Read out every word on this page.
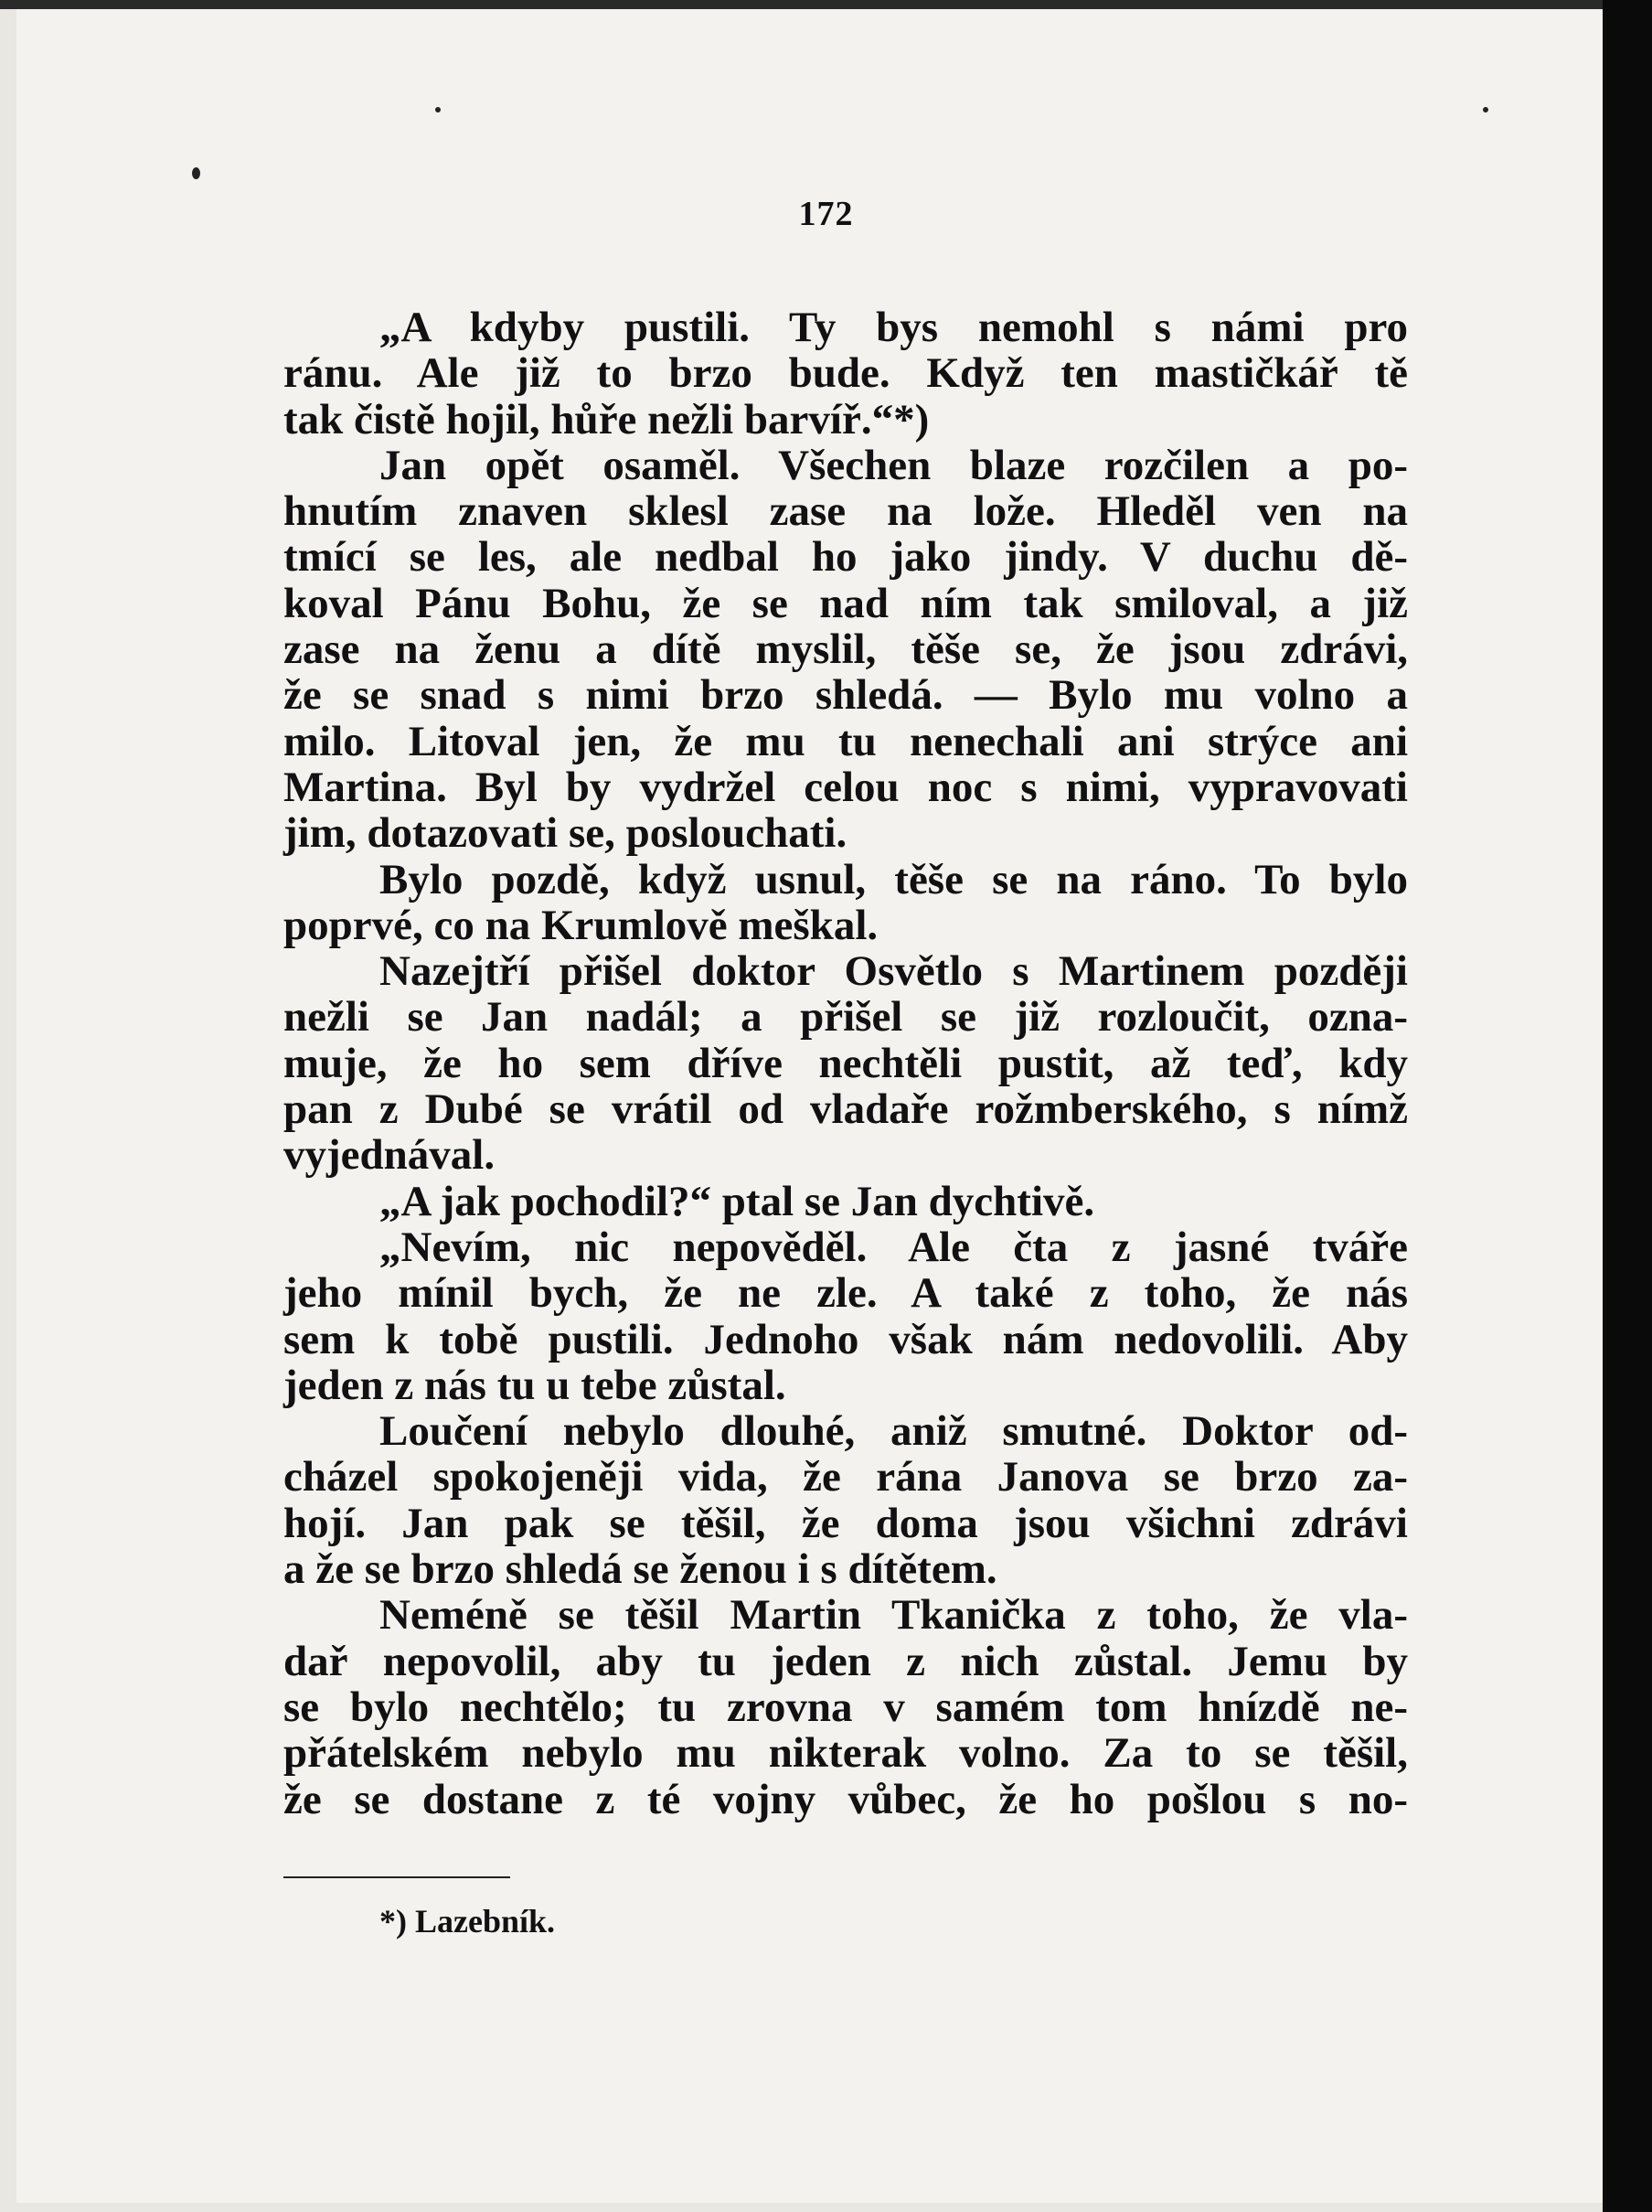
172
„A kdyby pustili. Ty bys nemohl s námi pro
ránu. Ale již to brzo bude. Když ten mastičkář tě
tak čistě hojil, hůře nežli barvíř.“*)
Jan opět osaměl. Všechen blaze rozčilen a po-
hnutím znaven sklesl zase na lože. Hleděl ven na
tmící se les, ale nedbal ho jako jindy. V duchu dě-
koval Pánu Bohu, že se nad ním tak smiloval, a již
zase na ženu a dítě myslil, těše se, že jsou zdrávi,
že se snad s nimi brzo shledá. — Bylo mu volno a
milo. Litoval jen, že mu tu nenechali ani strýce ani
Martina. Byl by vydržel celou noc s nimi, vypravovati
jim, dotazovati se, poslouchati.
Bylo pozdě, když usnul, těše se na ráno. To bylo
poprvé, co na Krumlově meškal.
Nazejtří přišel doktor Osvětlo s Martinem později
nežli se Jan nadál; a přišel se již rozloučit, ozna-
muje, že ho sem dříve nechtěli pustit, až teď, kdy
pan z Dubé se vrátil od vladaře rožmberského, s nímž
vyjednával.
„A jak pochodil?“ ptal se Jan dychtivě.
„Nevím, nic nepověděl. Ale čta z jasné tváře
jeho mínil bych, že ne zle. A také z toho, že nás
sem k tobě pustili. Jednoho však nám nedovolili. Aby
jeden z nás tu u tebe zůstal.
Loučení nebylo dlouhé, aniž smutné. Doktor od-
cházel spokojeněji vida, že rána Janova se brzo za-
hojí. Jan pak se těšil, že doma jsou všichni zdrávi
a že se brzo shledá se ženou i s dítětem.
Neméně se těšil Martin Tkanička z toho, že vla-
dař nepovolil, aby tu jeden z nich zůstal. Jemu by
se bylo nechtělo; tu zrovna v samém tom hnízdě ne-
přátelském nebylo mu nikterak volno. Za to se těšil,
že se dostane z té vojny vůbec, že ho pošlou s no-
*) Lazebník.
